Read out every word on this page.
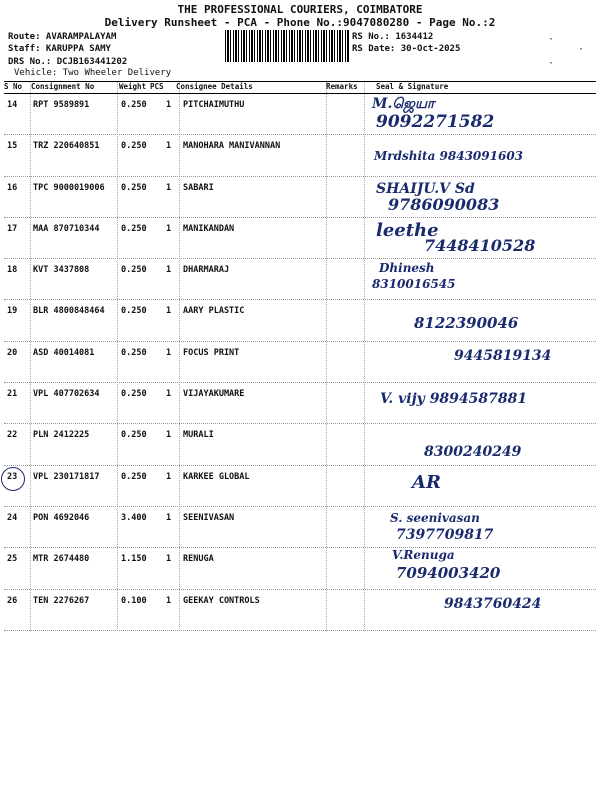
THE PROFESSIONAL COURIERS, COIMBATORE
Delivery Runsheet - PCA - Phone No.:9047080280 - Page No.:2
Route: AVARAMPALAYAM
Staff: KARUPPA SAMY
DRS No.: DCJB163441202
Vehicle: Two Wheeler Delivery
RS No.: 1634412
RS Date: 30-Oct-2025
·
·
·
S No Consignment No	Weight PCS Consignee Details	Remarks Seal & Signature
14 RPT 9589891	0.250 1 PITCHAIMUTHU	M.ஜெயா
9092271582
15 TRZ 220640851	0.250 1 MANOHARA MANIVANNAN
Mrdshita 9843091603
16 TPC 9000019006 0.250 1 SABARI	SHAIJU.V Sd
9786090083
17 MAA 870710344	0.250 1 MANIKANDAN	leethe
7448410528
18 KVT 3437808	0.250 1 DHARMARAJ	Dhinesh
8310016545
19 BLR 4800848464 0.250 1 AARY PLASTIC
8122390046
20 ASD 40014081	0.250 1 FOCUS PRINT	9445819134
21 VPL 407702634	0.250 1 VIJAYAKUMARE	V. vijy 9894587881
22 PLN 2412225	0.250 1 MURALI
8300240249
23 VPL 230171817	0.250 1 KARKEE GLOBAL	AR
24 PON 4692046	3.400 1 SEENIVASAN	S. seenivasan
7397709817
25 MTR 2674480	1.150 1 RENUGA	V.Renuga
7094003420
26 TEN 2276267	0.100 1 GEEKAY CONTROLS	9843760424
